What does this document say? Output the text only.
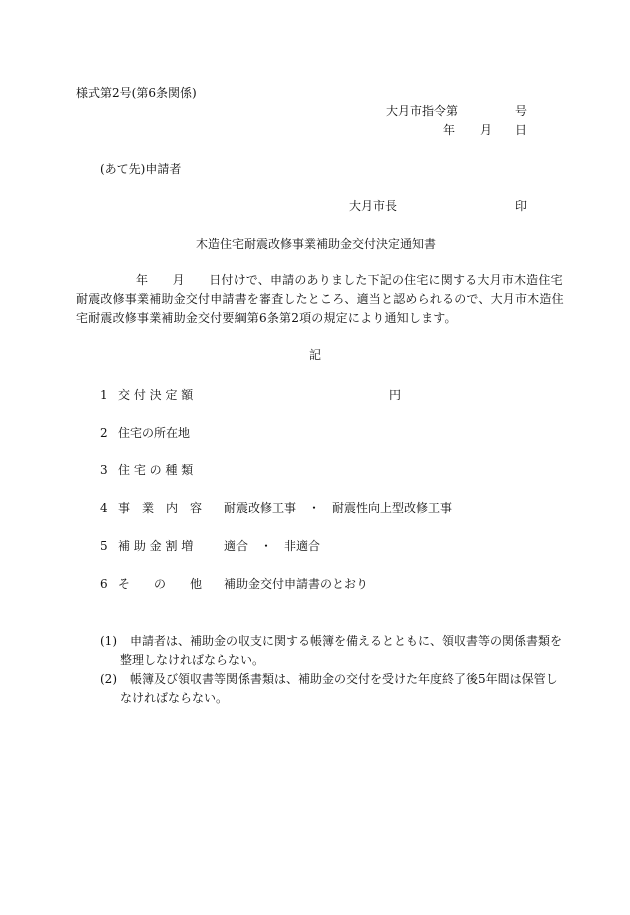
様式第2号(第6条関係)
大月市指令第	号
年 月 日
(あて先)申請者
大月市長	印
木造住宅耐震改修事業補助金交付決定通知書
年　　月　　日付けで、申請のありました下記の住宅に関する大月市木造住宅
耐震改修事業補助金交付申請書を審査したところ、適当と認められるので、大月市木造住
宅耐震改修事業補助金交付要綱第6条第2項の規定により通知します。
記
1 交 付 決 定 額	円
2 住宅の所在地
3 住 宅 の 種 類
4 事　業　内　容 耐震改修工事　・　耐震性向上型改修工事
5 補 助 金 割 増	適合　・　非適合
6 そ　　の　　他 補助金交付申請書のとおり
(1) 申請者は、補助金の収支に関する帳簿を備えるとともに、領収書等の関係書類を
整理しなければならない。
(2) 帳簿及び領収書等関係書類は、補助金の交付を受けた年度終了後5年間は保管し
なければならない。
